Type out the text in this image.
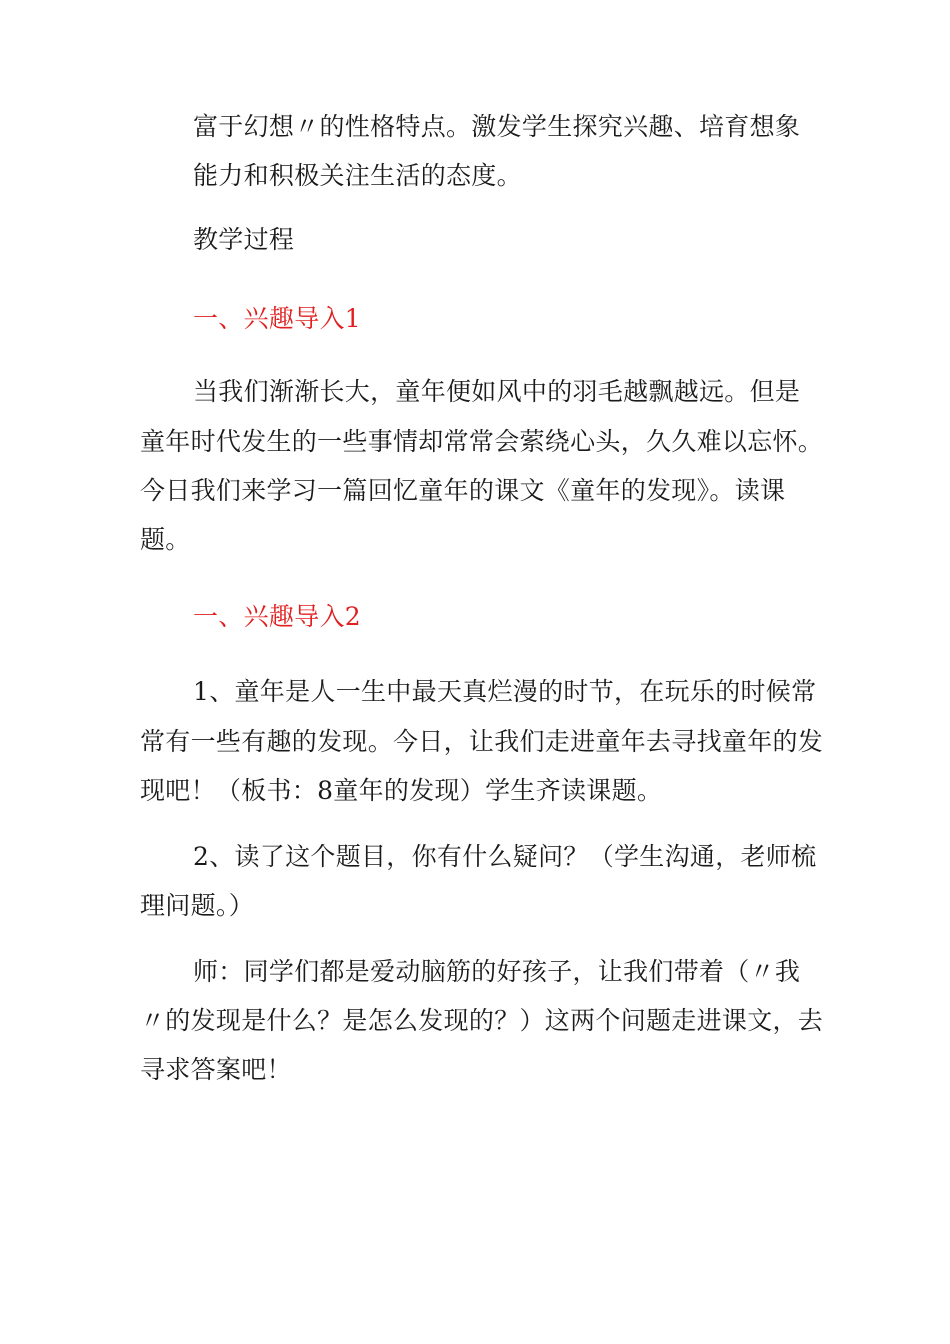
富于幻想〃的性格特点。激发学生探究兴趣、培育想象
能力和积极关注生活的态度。
教学过程
一、兴趣导入1
当我们渐渐长大，童年便如风中的羽毛越飘越远。但是
童年时代发生的一些事情却常常会萦绕心头，久久难以忘怀。
今日我们来学习一篇回忆童年的课文《童年的发现》。读课
题。
一、兴趣导入2
1、童年是人一生中最天真烂漫的时节，在玩乐的时候常
常有一些有趣的发现。今日，让我们走进童年去寻找童年的发
现吧！（板书：8童年的发现）学生齐读课题。
2、读了这个题目，你有什么疑问？（学生沟通，老师梳
理问题。）
师：同学们都是爱动脑筋的好孩子，让我们带着（〃我
〃的发现是什么？是怎么发现的？）这两个问题走进课文，去
寻求答案吧！
